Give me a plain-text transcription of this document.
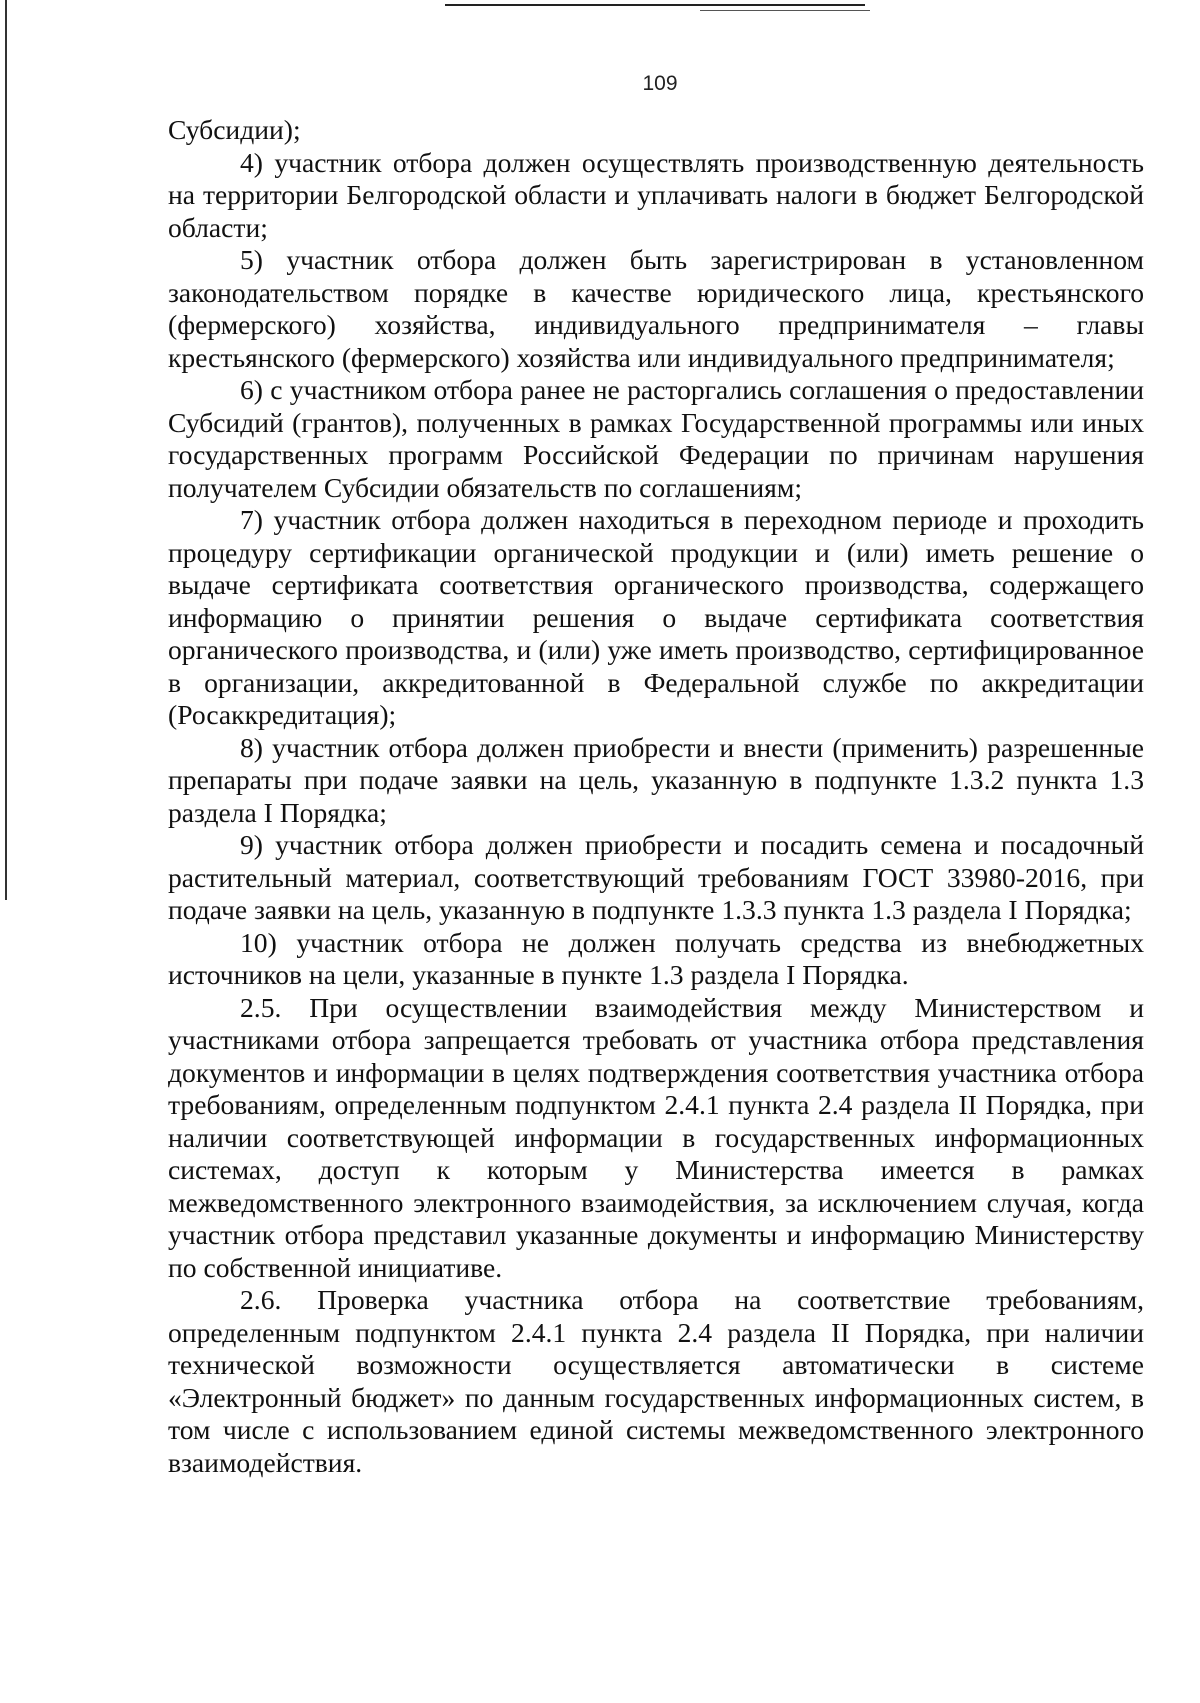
109

Субсидии);

4) участник отбора должен осуществлять производственную деятельность на территории Белгородской области и уплачивать налоги в бюджет Белгородской области;

5) участник отбора должен быть зарегистрирован в установленном законодательством порядке в качестве юридического лица, крестьянского (фермерского) хозяйства, индивидуального предпринимателя – главы крестьянского (фермерского) хозяйства или индивидуального предпринимателя;

6) с участником отбора ранее не расторгались соглашения о предоставлении Субсидий (грантов), полученных в рамках Государственной программы или иных государственных программ Российской Федерации по причинам нарушения получателем Субсидии обязательств по соглашениям;

7) участник отбора должен находиться в переходном периоде и проходить процедуру сертификации органической продукции и (или) иметь решение о выдаче сертификата соответствия органического производства, содержащего информацию о принятии решения о выдаче сертификата соответствия органического производства, и (или) уже иметь производство, сертифицированное в организации, аккредитованной в Федеральной службе по аккредитации (Росаккредитация);

8) участник отбора должен приобрести и внести (применить) разрешенные препараты при подаче заявки на цель, указанную в подпункте 1.3.2 пункта 1.3 раздела I Порядка;

9) участник отбора должен приобрести и посадить семена и посадочный растительный материал, соответствующий требованиям ГОСТ 33980-2016, при подаче заявки на цель, указанную в подпункте 1.3.3 пункта 1.3 раздела I Порядка;

10) участник отбора не должен получать средства из внебюджетных источников на цели, указанные в пункте 1.3 раздела I Порядка.

2.5. При осуществлении взаимодействия между Министерством и участниками отбора запрещается требовать от участника отбора представления документов и информации в целях подтверждения соответствия участника отбора требованиям, определенным подпунктом 2.4.1 пункта 2.4 раздела II Порядка, при наличии соответствующей информации в государственных информационных системах, доступ к которым у Министерства имеется в рамках межведомственного электронного взаимодействия, за исключением случая, когда участник отбора представил указанные документы и информацию Министерству по собственной инициативе.

2.6. Проверка участника отбора на соответствие требованиям, определенным подпунктом 2.4.1 пункта 2.4 раздела II Порядка, при наличии технической возможности осуществляется автоматически в системе «Электронный бюджет» по данным государственных информационных систем, в том числе с использованием единой системы межведомственного электронного взаимодействия.
